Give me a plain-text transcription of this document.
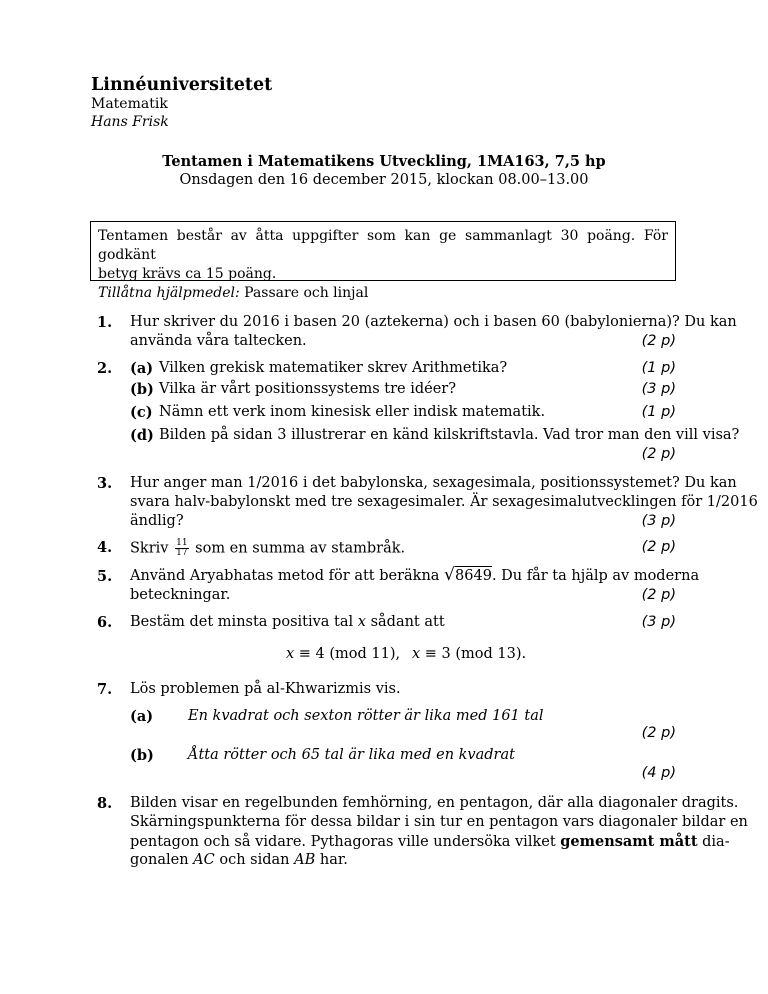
Linnéuniversitetet
Matematik
Hans Frisk
Tentamen i Matematikens Utveckling, 1MA163, 7,5 hp
Onsdagen den 16 december 2015, klockan 08.00–13.00
Tentamen består av åtta uppgifter som kan ge sammanlagt 30 poäng. För godkänt
betyg krävs ca 15 poäng.
Tillåtna hjälpmedel: Passare och linjal
1. Hur skriver du 2016 i basen 20 (aztekerna) och i basen 60 (babylonierna)? Du kan
använda våra taltecken.	(2 p)
2. (a) Vilken grekisk matematiker skrev Arithmetika?	(1 p)
(b) Vilka är vårt positionssystems tre idéer?	(3 p)
(c) Nämn ett verk inom kinesisk eller indisk matematik.	(1 p)
(d) Bilden på sidan 3 illustrerar en känd kilskriftstavla. Vad tror man den vill visa?
(2 p)
3. Hur anger man 1/2016 i det babylonska, sexagesimala, positionssystemet? Du kan
svara halv-babylonskt med tre sexagesimaler. Är sexagesimalutvecklingen för 1/2016
ändlig?	(3 p)
4. Skriv $\frac{11}{17}$ som en summa av stambråk.	(2 p)
5. Använd Aryabhatas metod för att beräkna √ 8649. Du får ta hjälp av moderna
beteckningar.	(2 p)
6. Bestäm det minsta positiva tal x sådant att	(3 p)
x ≡ 4 (mod 11), x ≡ 3 (mod 13).
7. Lös problemen på al-Khwarizmis vis.
(a) En kvadrat och sexton rötter är lika med 161 tal
(2 p)
(b) Åtta rötter och 65 tal är lika med en kvadrat
(4 p)
8. Bilden visar en regelbunden femhörning, en pentagon, där alla diagonaler dragits.
Skärningspunkterna för dessa bildar i sin tur en pentagon vars diagonaler bildar en
pentagon och så vidare. Pythagoras ville undersöka vilket gemensamt mått dia-
gonalen AC och sidan AB har.
